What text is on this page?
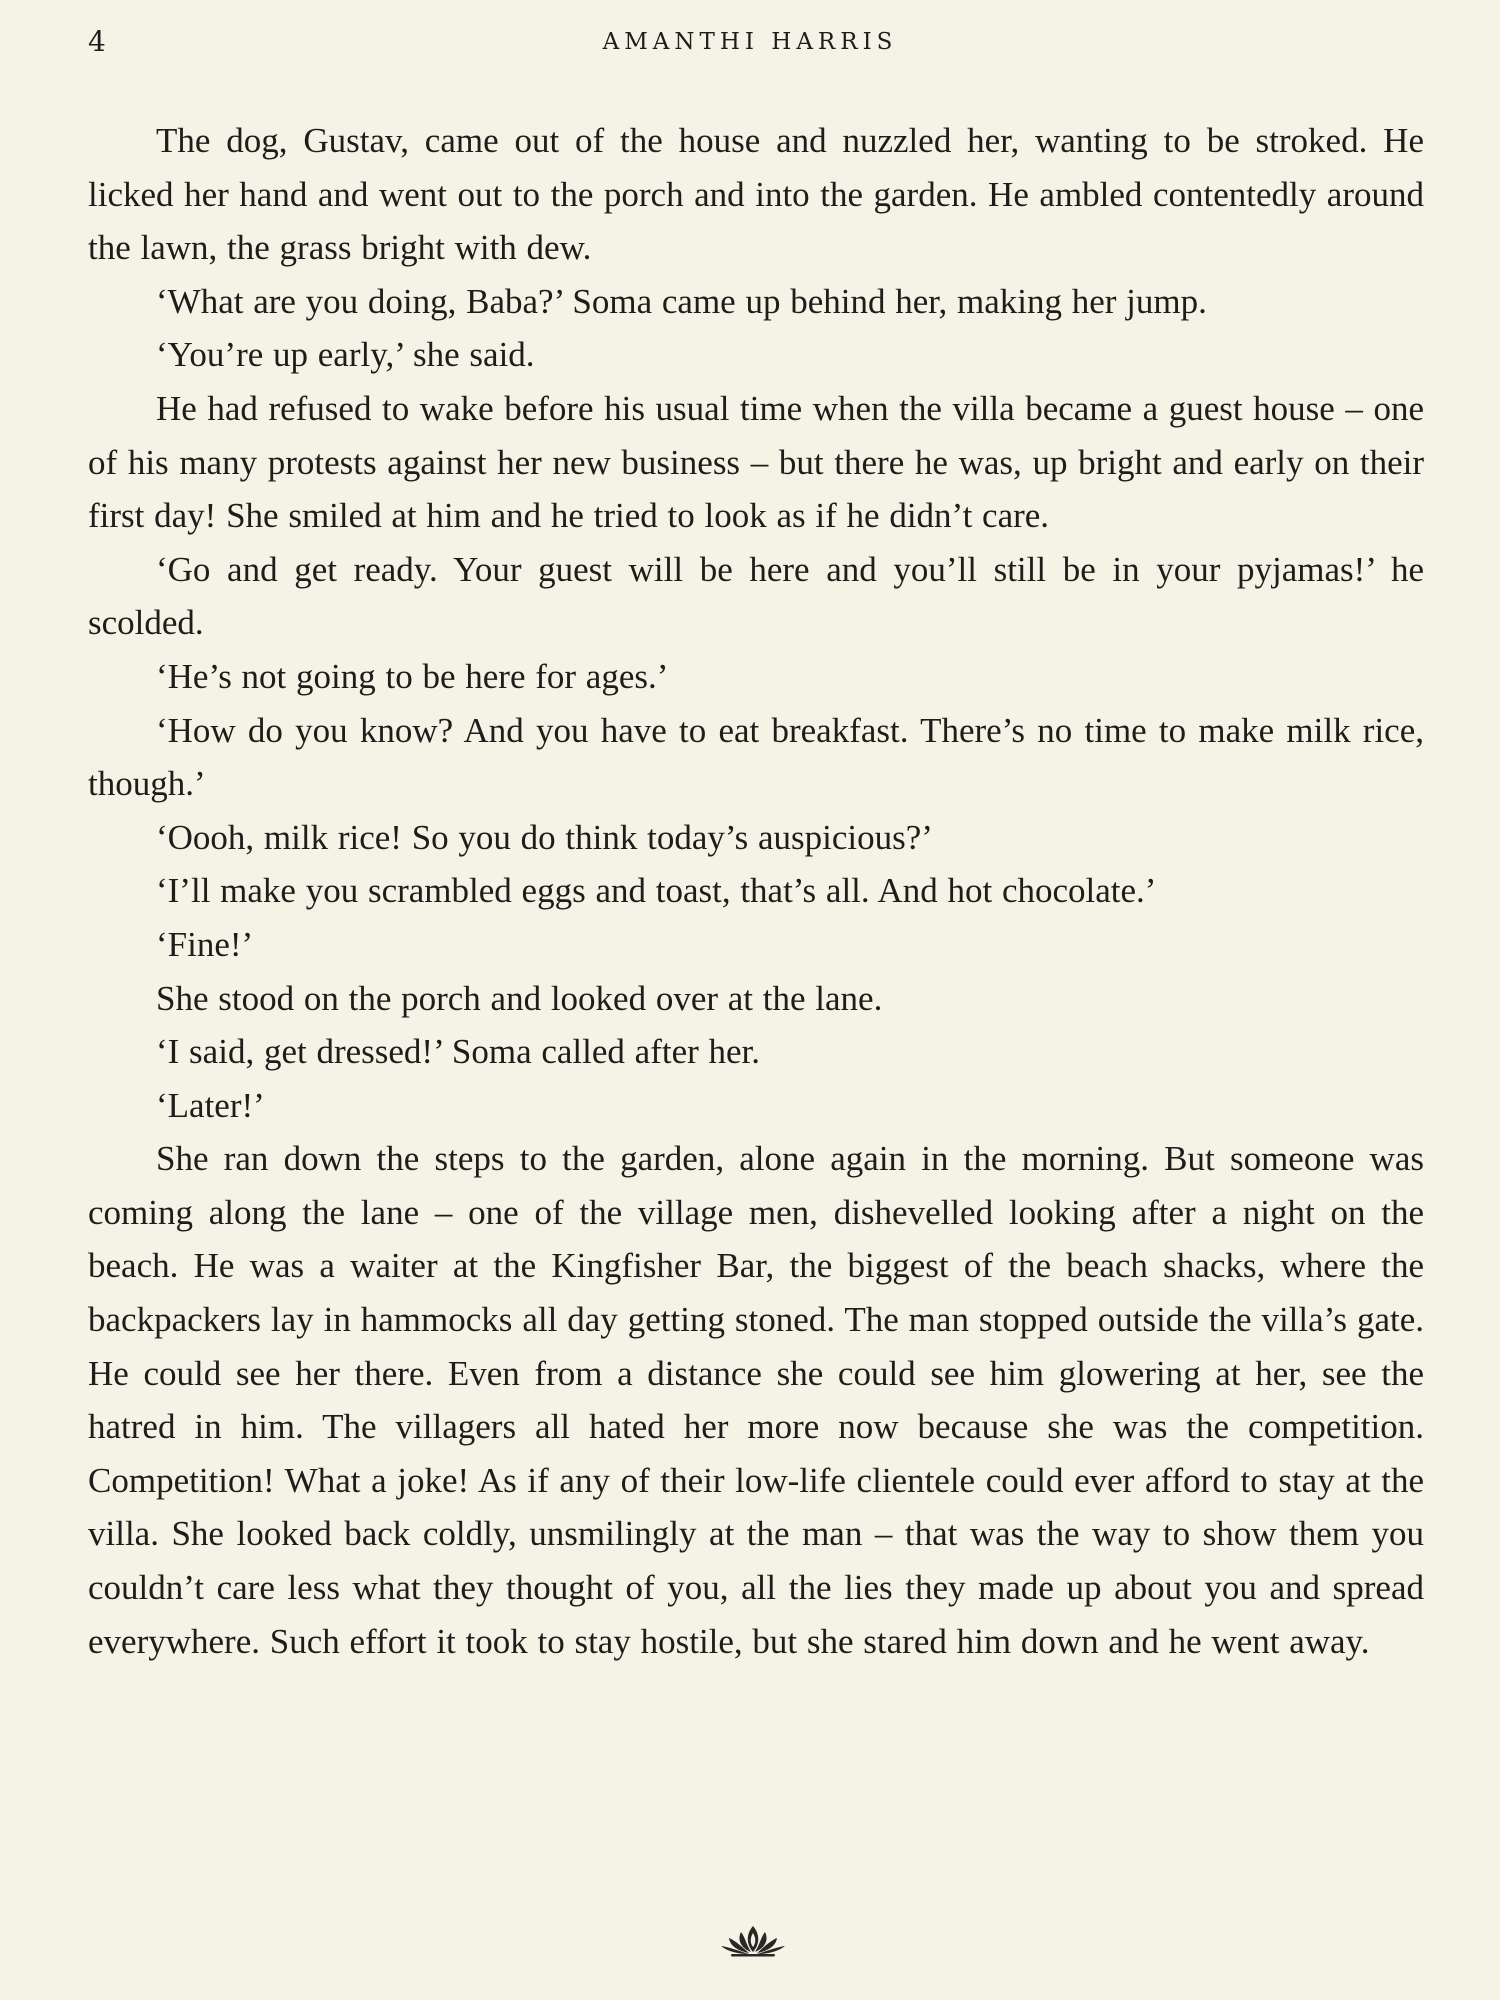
4	AMANTHI HARRIS

The dog, Gustav, came out of the house and nuzzled her, wanting to be stroked. He licked her hand and went out to the porch and into the garden. He ambled contentedly around the lawn, the grass bright with dew.

‘What are you doing, Baba?’ Soma came up behind her, making her jump.

‘You’re up early,’ she said.

He had refused to wake before his usual time when the villa became a guest house – one of his many protests against her new business – but there he was, up bright and early on their first day! She smiled at him and he tried to look as if he didn’t care.

‘Go and get ready. Your guest will be here and you’ll still be in your pyjamas!’ he scolded.

‘He’s not going to be here for ages.’

‘How do you know? And you have to eat breakfast. There’s no time to make milk rice, though.’

‘Oooh, milk rice! So you do think today’s auspicious?’

‘I’ll make you scrambled eggs and toast, that’s all. And hot chocolate.’

‘Fine!’

She stood on the porch and looked over at the lane.

‘I said, get dressed!’ Soma called after her.

‘Later!’

She ran down the steps to the garden, alone again in the morning. But someone was coming along the lane – one of the village men, dishevelled looking after a night on the beach. He was a waiter at the Kingfisher Bar, the biggest of the beach shacks, where the backpackers lay in hammocks all day getting stoned. The man stopped outside the villa’s gate. He could see her there. Even from a distance she could see him glowering at her, see the hatred in him. The villagers all hated her more now because she was the competition. Competition! What a joke! As if any of their low-life clientele could ever afford to stay at the villa. She looked back coldly, unsmilingly at the man – that was the way to show them you couldn’t care less what they thought of you, all the lies they made up about you and spread everywhere. Such effort it took to stay hostile, but she stared him down and he went away.
